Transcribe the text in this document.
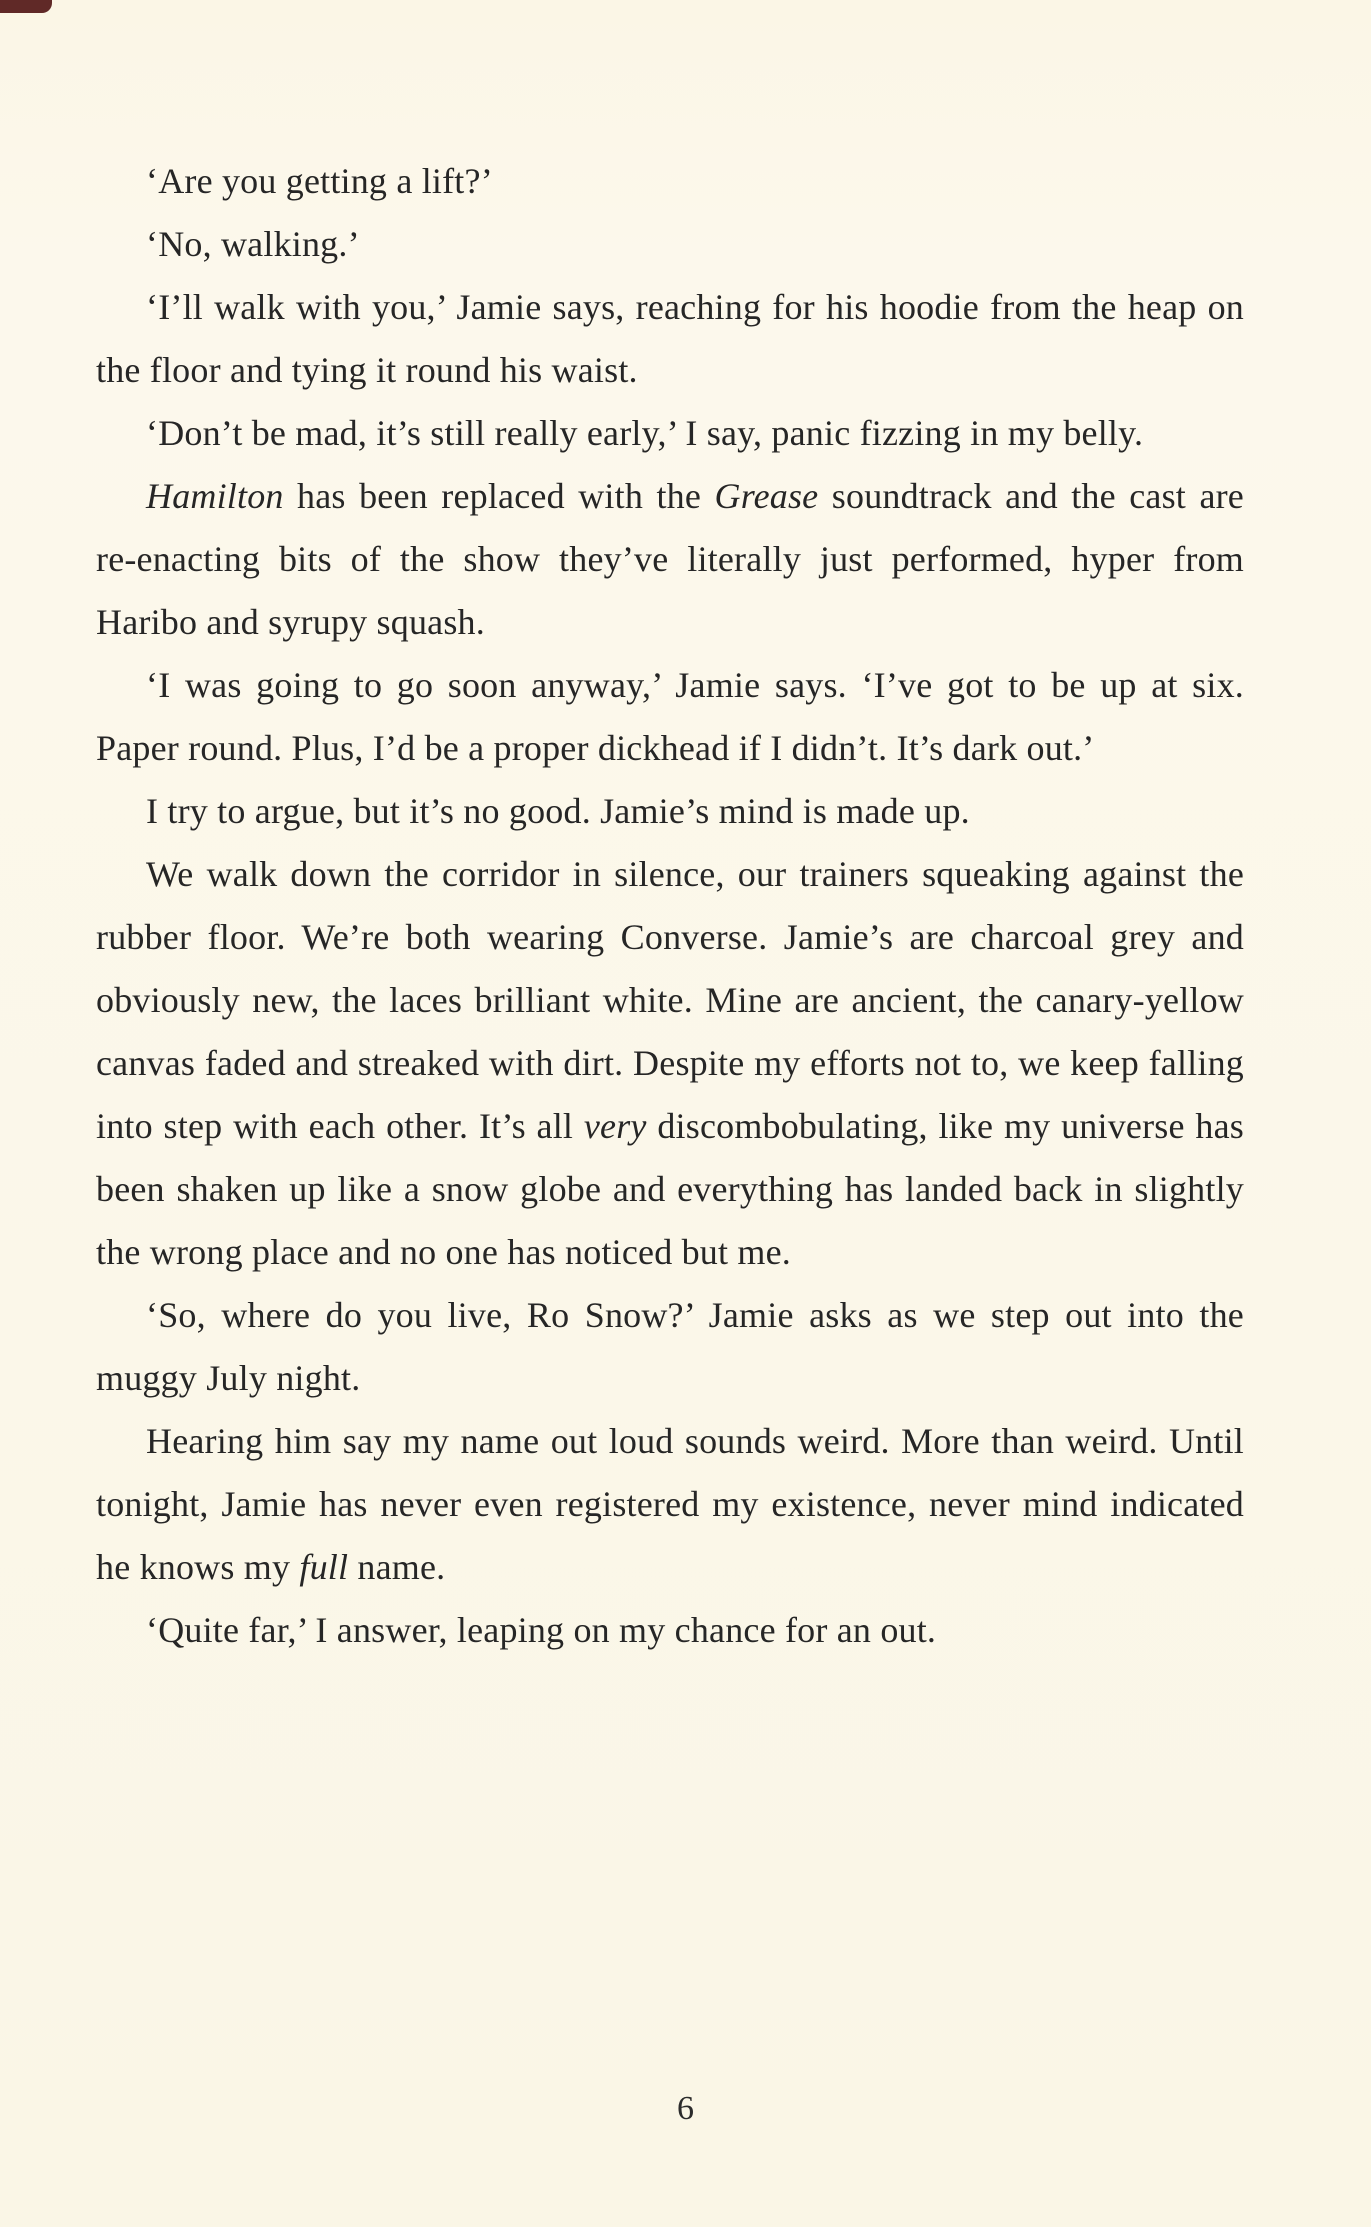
‘Are you getting a lift?’

‘No, walking.’

‘I’ll walk with you,’ Jamie says, reaching for his hoodie from the heap on the floor and tying it round his waist.

‘Don’t be mad, it’s still really early,’ I say, panic fizzing in my belly.

Hamilton has been replaced with the Grease soundtrack and the cast are re-enacting bits of the show they’ve literally just performed, hyper from Haribo and syrupy squash.

‘I was going to go soon anyway,’ Jamie says. ‘I’ve got to be up at six. Paper round. Plus, I’d be a proper dickhead if I didn’t. It’s dark out.’

I try to argue, but it’s no good. Jamie’s mind is made up.

We walk down the corridor in silence, our trainers squeaking against the rubber floor. We’re both wearing Converse. Jamie’s are charcoal grey and obviously new, the laces brilliant white. Mine are ancient, the canary-yellow canvas faded and streaked with dirt. Despite my efforts not to, we keep falling into step with each other. It’s all very discombobulating, like my universe has been shaken up like a snow globe and everything has landed back in slightly the wrong place and no one has noticed but me.

‘So, where do you live, Ro Snow?’ Jamie asks as we step out into the muggy July night.

Hearing him say my name out loud sounds weird. More than weird. Until tonight, Jamie has never even registered my existence, never mind indicated he knows my full name.

‘Quite far,’ I answer, leaping on my chance for an out.

6
